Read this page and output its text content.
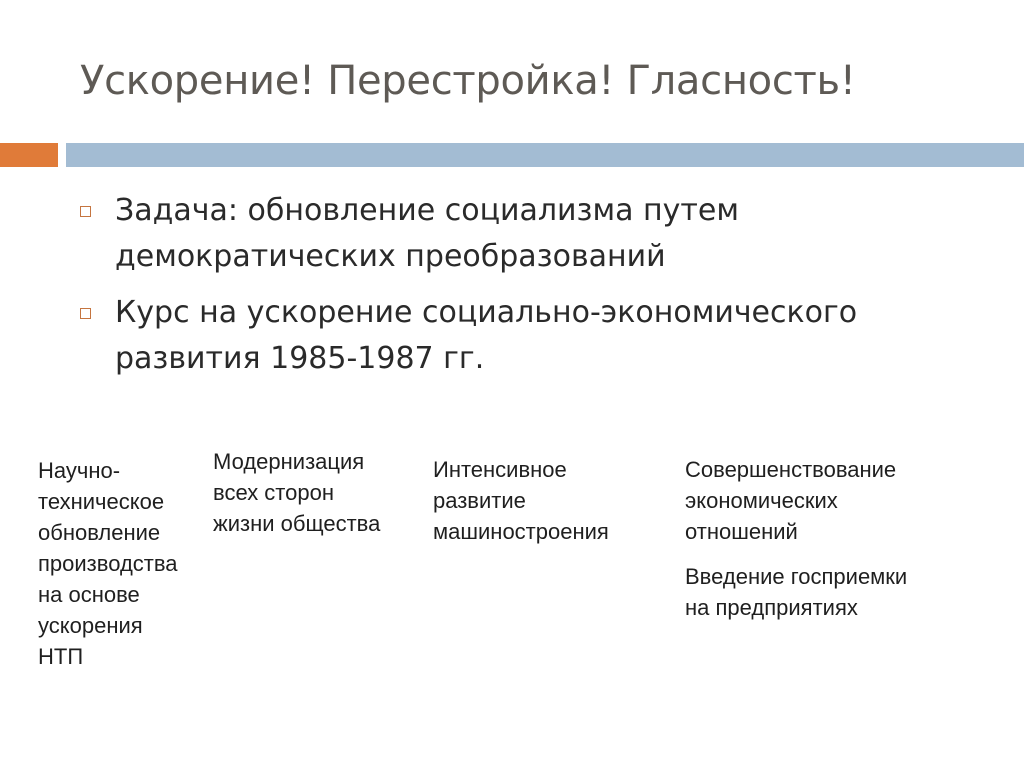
Ускорение! Перестройка! Гласность!
Задача: обновление социализма путем
демократических преобразований
Курс на ускорение социально-экономического
развития 1985-1987 гг.

Научно-

техническое

обновление

производства

на основе

ускорения

НТП

Модернизация

всех сторон

жизни общества

Интенсивное

развитие

машиностроения

Совершенствование

экономических

отношений

Введение госприемки

на предприятиях
